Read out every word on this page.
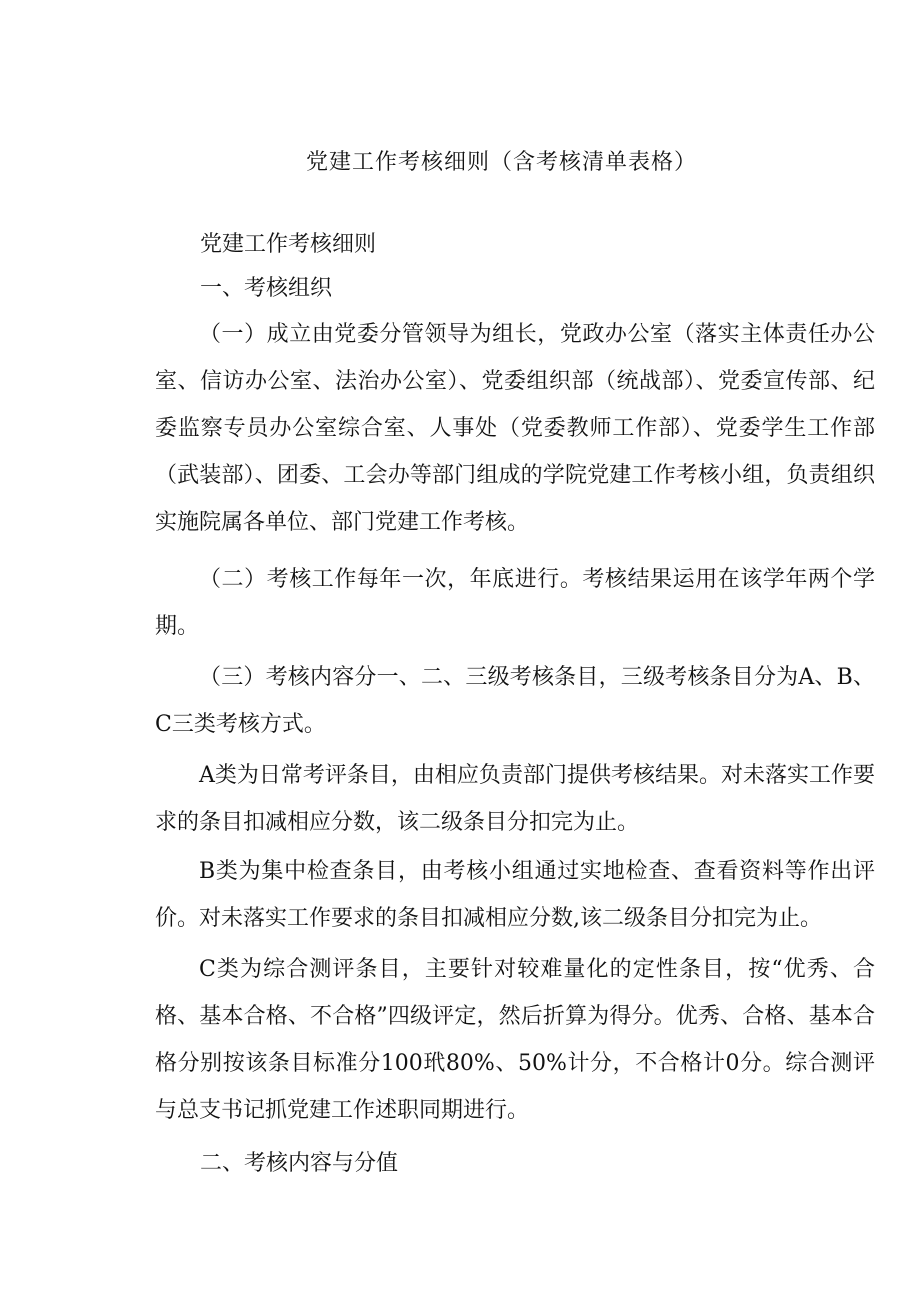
党建工作考核细则（含考核清单表格）
党建工作考核细则
一、考核组织
（一）成立由党委分管领导为组长，党政办公室（落实主体责任办公室、信访办公室、法治办公室）、党委组织部（统战部）、党委宣传部、纪委监察专员办公室综合室、人事处（党委教师工作部）、党委学生工作部（武装部）、团委、工会办等部门组成的学院党建工作考核小组，负责组织实施院属各单位、部门党建工作考核。
（二）考核工作每年一次，年底进行。考核结果运用在该学年两个学期。
（三）考核内容分一、二、三级考核条目，三级考核条目分为A、B、C三类考核方式。
A类为日常考评条目，由相应负责部门提供考核结果。对未落实工作要求的条目扣减相应分数，该二级条目分扣完为止。
B类为集中检查条目，由考核小组通过实地检查、查看资料等作出评价。对未落实工作要求的条目扣减相应分数,该二级条目分扣完为止。
C类为综合测评条目，主要针对较难量化的定性条目，按“优秀、合格、基本合格、不合格”四级评定，然后折算为得分。优秀、合格、基本合格分别按该条目标准分100玳80%、50%计分，不合格计0分。综合测评与总支书记抓党建工作述职同期进行。
二、考核内容与分值
